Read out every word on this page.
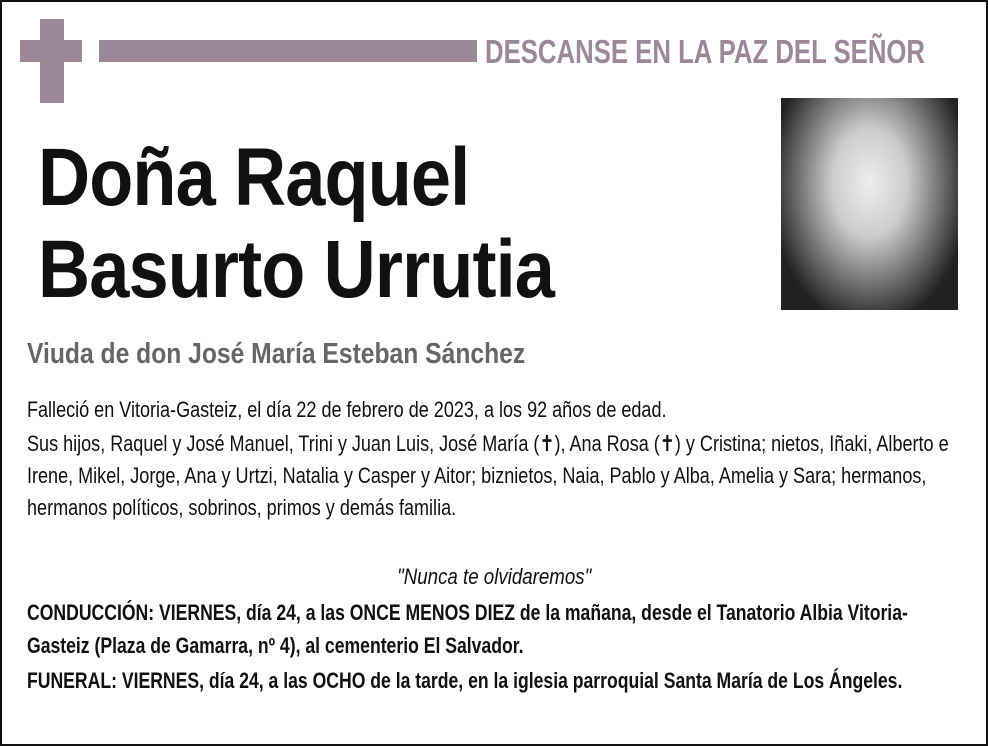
DESCANSE EN LA PAZ DEL SEÑOR
Doña Raquel
Basurto Urrutia
Viuda de don José María Esteban Sánchez
Falleció en Vitoria-Gasteiz, el día 22 de febrero de 2023, a los 92 años de edad.
Sus hijos, Raquel y José Manuel, Trini y Juan Luis, José María (✝), Ana Rosa (✝) y Cristina; nietos, Iñaki, Alberto e Irene, Mikel, Jorge, Ana y Urtzi, Natalia y Casper y Aitor; biznietos, Naia, Pablo y Alba, Amelia y Sara; hermanos, hermanos políticos, sobrinos, primos y demás familia.
"Nunca te olvidaremos"
CONDUCCIÓN: VIERNES, día 24, a las ONCE MENOS DIEZ de la mañana, desde el Tanatorio Albia Vitoria-Gasteiz (Plaza de Gamarra, nº 4), al cementerio El Salvador.
FUNERAL: VIERNES, día 24, a las OCHO de la tarde, en la iglesia parroquial Santa María de Los Ángeles.
